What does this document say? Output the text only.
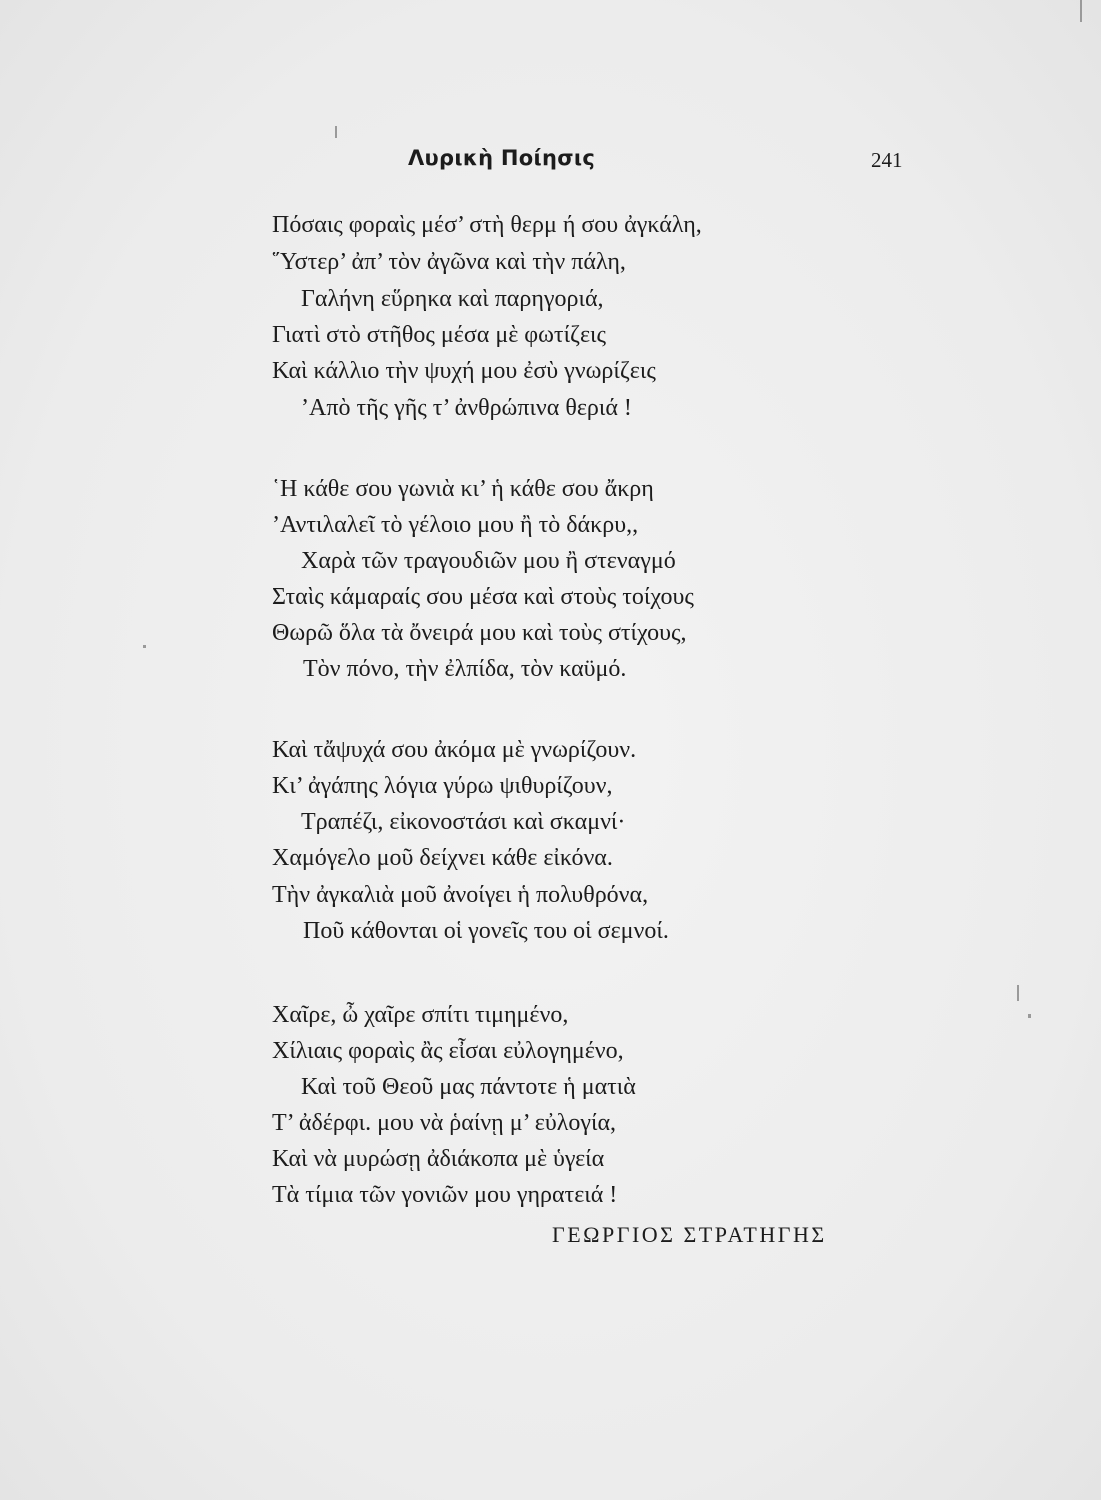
Λυρικὴ Ποίησις	241
Πόσαις φοραὶς μέσ’ στὴ θερμ ή σου ἀγκάλη,
῞Υστερ’ ἀπ’ τὸν ἀγῶνα καὶ τὴν πάλη,
Γαλήνη εὕρηκα καὶ παρηγοριά,
Γιατὶ στὸ στῆθος μέσα μὲ φωτίζεις
Καὶ κάλλιο τὴν ψυχή μου ἐσὺ γνωρίζεις
’Απὸ τῆς γῆς τ’ ἀνθρώπινα θεριά !
῾Η κάθε σου γωνιὰ κι’ ἡ κάθε σου ἄκρη
’Αντιλαλεῖ τὸ γέλοιο μου ἢ τὸ δάκρυ,,
Χαρὰ τῶν τραγουδιῶν μου ἢ στεναγμό
Σταὶς κάμαραίς σου μέσα καὶ στοὺς τοίχους
Θωρῶ ὅλα τὰ ὄνειρά μου καὶ τοὺς στίχους,
Τὸν πόνο, τὴν ἐλπίδα, τὸν καϋμό.
Καὶ τἄψυχά σου ἀκόμα μὲ γνωρίζουν.
Κι’ ἀγάπης λόγια γύρω ψιθυρίζουν,
Τραπέζι, εἰκονοστάσι καὶ σκαμνί·
Χαμόγελο μοῦ δείχνει κάθε εἰκόνα.
Τὴν ἀγκαλιὰ μοῦ ἀνοίγει ἡ πολυθρόνα,
Ποῦ κάθονται οἱ γονεῖς του οἱ σεμνοί.
Χαῖρε, ὦ χαῖρε σπίτι τιμημένο,
Χίλιαις φοραὶς ἂς εἶσαι εὐλογημένο,
Καὶ τοῦ Θεοῦ μας πάντοτε ἡ ματιὰ
Τ’ ἀδέρφι. μου νὰ ῥαίνῃ μ’ εὐλογία,
Καὶ νὰ μυρώσῃ ἀδιάκοπα μὲ ὑγεία
Τὰ τίμια τῶν γονιῶν μου γηρατειά !
ΓΕΩΡΓΙΟΣ ΣΤΡΑΤΗΓΗΣ
